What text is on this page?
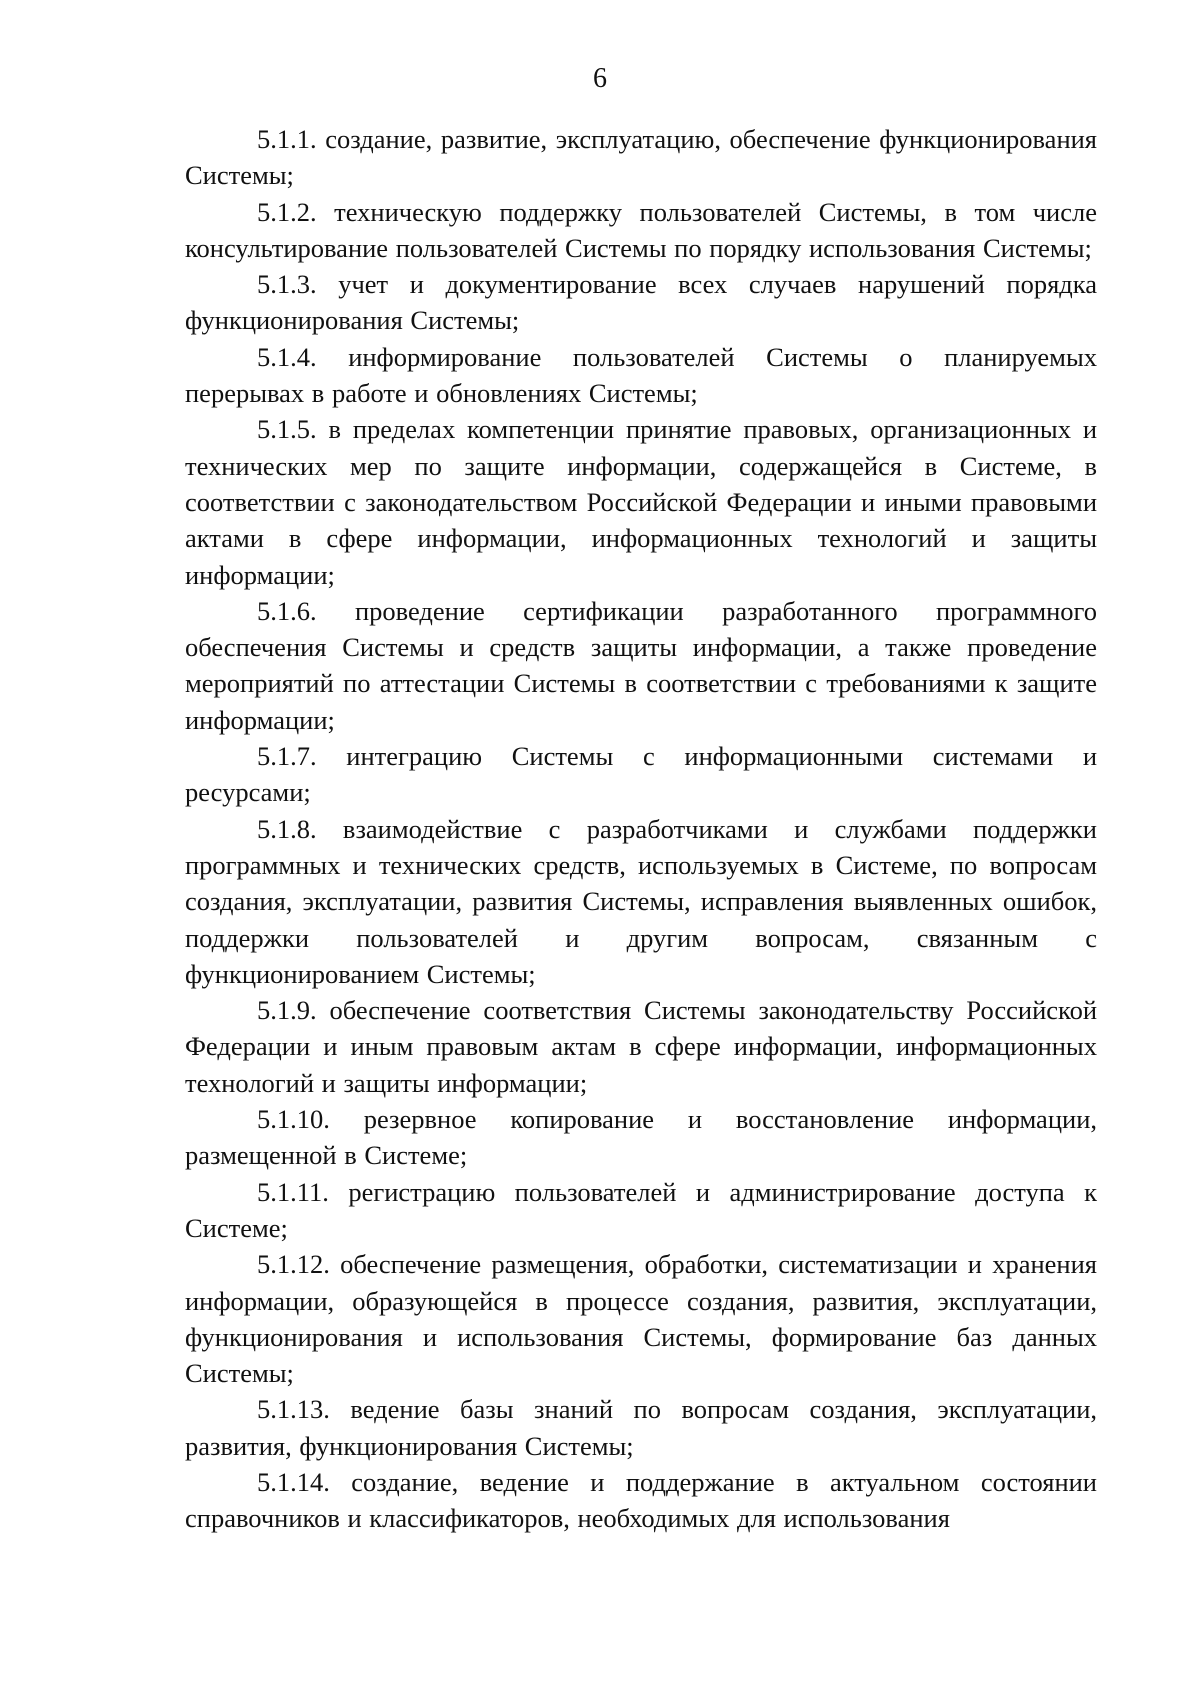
6

5.1.1. создание, развитие, эксплуатацию, обеспечение функционирования Системы;

5.1.2. техническую поддержку пользователей Системы, в том числе консультирование пользователей Системы по порядку использования Системы;

5.1.3. учет и документирование всех случаев нарушений порядка функционирования Системы;

5.1.4. информирование пользователей Системы о планируемых перерывах в работе и обновлениях Системы;

5.1.5. в пределах компетенции принятие правовых, организационных и технических мер по защите информации, содержащейся в Системе, в соответствии с законодательством Российской Федерации и иными правовыми актами в сфере информации, информационных технологий и защиты информации;

5.1.6. проведение сертификации разработанного программного обеспечения Системы и средств защиты информации, а также проведение мероприятий по аттестации Системы в соответствии с требованиями к защите информации;

5.1.7. интеграцию Системы с информационными системами и ресурсами;

5.1.8. взаимодействие с разработчиками и службами поддержки программных и технических средств, используемых в Системе, по вопросам создания, эксплуатации, развития Системы, исправления выявленных ошибок, поддержки пользователей и другим вопросам, связанным с функционированием Системы;

5.1.9. обеспечение соответствия Системы законодательству Российской Федерации и иным правовым актам в сфере информации, информационных технологий и защиты информации;

5.1.10. резервное копирование и восстановление информации, размещенной в Системе;

5.1.11. регистрацию пользователей и администрирование доступа к Системе;

5.1.12. обеспечение размещения, обработки, систематизации и хранения информации, образующейся в процессе создания, развития, эксплуатации, функционирования и использования Системы, формирование баз данных Системы;

5.1.13. ведение базы знаний по вопросам создания, эксплуатации, развития, функционирования Системы;

5.1.14. создание, ведение и поддержание в актуальном состоянии справочников и классификаторов, необходимых для использования
